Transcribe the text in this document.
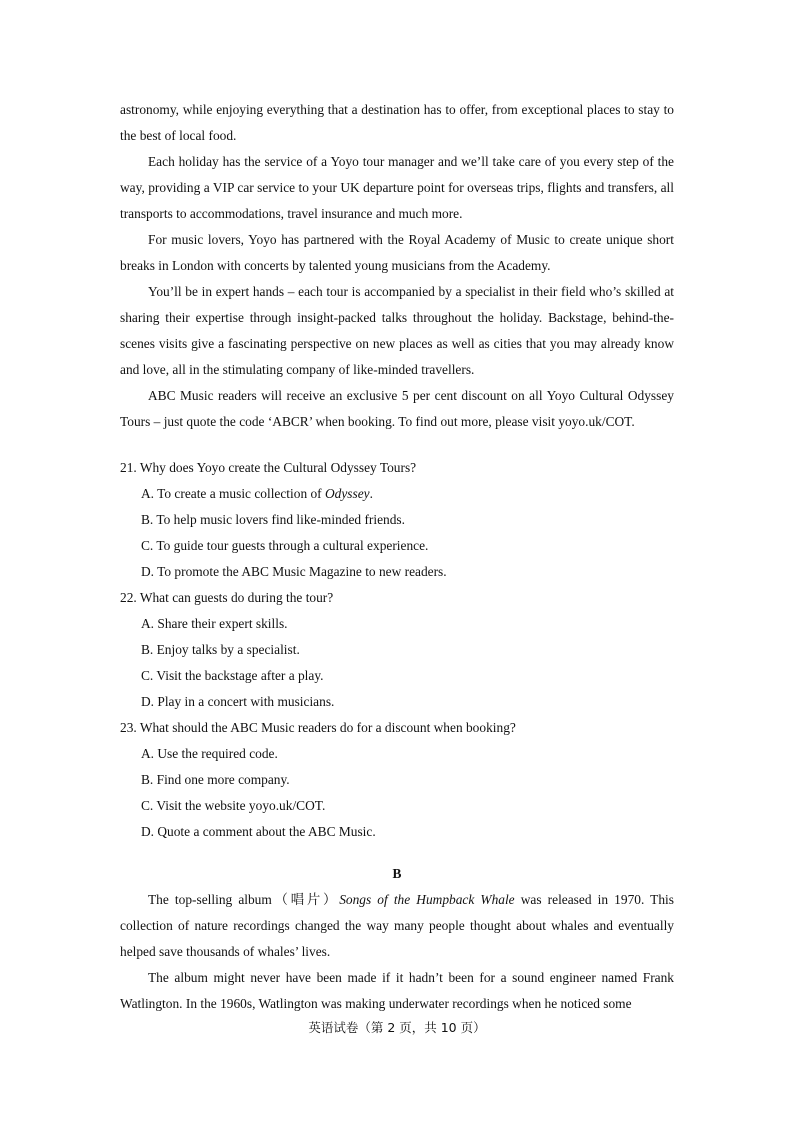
astronomy, while enjoying everything that a destination has to offer, from exceptional places to stay to the best of local food.

Each holiday has the service of a Yoyo tour manager and we’ll take care of you every step of the way, providing a VIP car service to your UK departure point for overseas trips, flights and transfers, all transports to accommodations, travel insurance and much more.

For music lovers, Yoyo has partnered with the Royal Academy of Music to create unique short breaks in London with concerts by talented young musicians from the Academy.

You’ll be in expert hands – each tour is accompanied by a specialist in their field who’s skilled at sharing their expertise through insight-packed talks throughout the holiday. Backstage, behind-the-scenes visits give a fascinating perspective on new places as well as cities that you may already know and love, all in the stimulating company of like-minded travellers.

ABC Music readers will receive an exclusive 5 per cent discount on all Yoyo Cultural Odyssey Tours – just quote the code ‘ABCR’ when booking. To find out more, please visit yoyo.uk/COT.

21. Why does Yoyo create the Cultural Odyssey Tours?

A. To create a music collection of Odyssey.

B. To help music lovers find like-minded friends.

C. To guide tour guests through a cultural experience.

D. To promote the ABC Music Magazine to new readers.

22. What can guests do during the tour?

A. Share their expert skills.

B. Enjoy talks by a specialist.

C. Visit the backstage after a play.

D. Play in a concert with musicians.

23. What should the ABC Music readers do for a discount when booking?

A. Use the required code.

B. Find one more company.

C. Visit the website yoyo.uk/COT.

D. Quote a comment about the ABC Music.

B

The top-selling album（唱片）Songs of the Humpback Whale was released in 1970. This collection of nature recordings changed the way many people thought about whales and eventually helped save thousands of whales’ lives.

The album might never have been made if it hadn’t been for a sound engineer named Frank Watlington. In the 1960s, Watlington was making underwater recordings when he noticed some

英语试卷（第 2 页，共 10 页）
